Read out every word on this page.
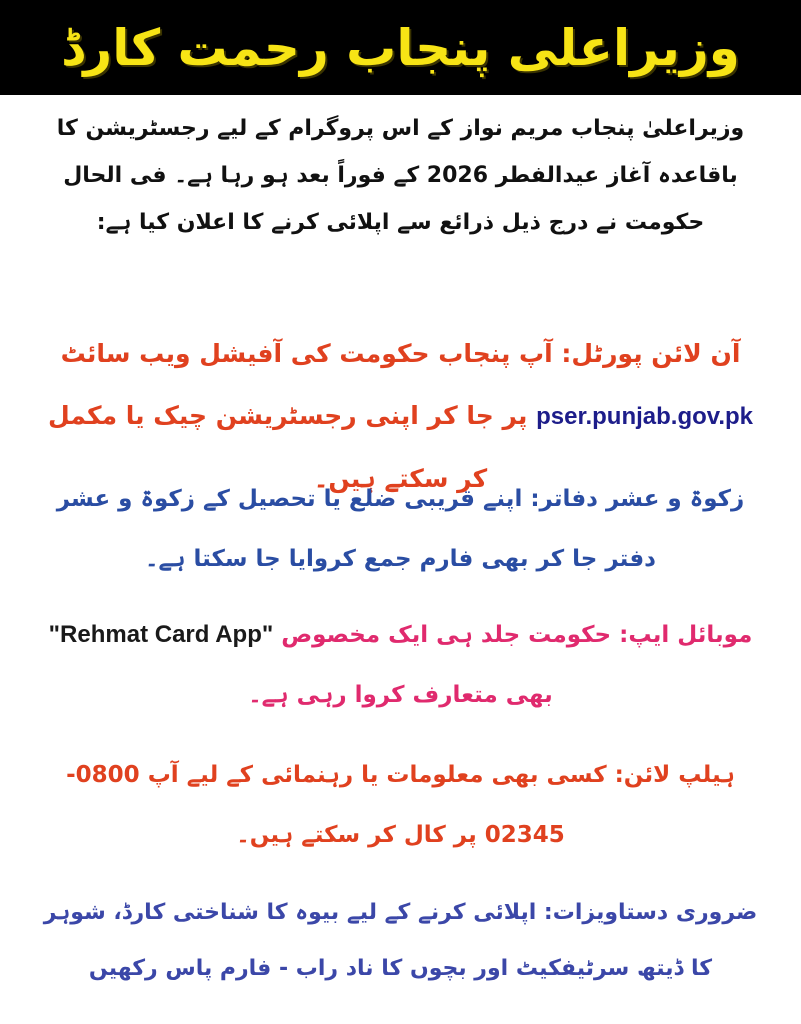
وزیراعلی پنجاب رحمت کارڈ
وزیراعلیٰ پنجاب مریم نواز کے اس پروگرام کے لیے رجسٹریشن کا باقاعدہ آغاز عیدالفطر 2026 کے فوراً بعد ہو رہا ہے۔ فی الحال حکومت نے درج ذیل ذرائع سے اپلائی کرنے کا اعلان کیا ہے:
آن لائن پورٹل: آپ پنجاب حکومت کی آفیشل ویب سائٹ
pser.punjab.gov.pk پر جا کر اپنی رجسٹریشن چیک یا مکمل کر سکتے ہیں۔
زکوۃ و عشر دفاتر: اپنے قریبی ضلع یا تحصیل کے زکوۃ و عشر دفتر جا کر بھی فارم جمع کروایا جا سکتا ہے۔
موبائل ایپ: حکومت جلد ہی ایک مخصوص "Rehmat Card App" بھی متعارف کروا رہی ہے۔
ہیلپ لائن: کسی بھی معلومات یا رہنمائی کے لیے آپ 0800-02345 پر کال کر سکتے ہیں۔
ضروری دستاویزات: اپلائی کرنے کے لیے بیوہ کا شناختی کارڈ، شوہر کا ڈیتھ سرٹیفکیٹ اور بچوں کا ناد راب - فارم پاس رکھیں
